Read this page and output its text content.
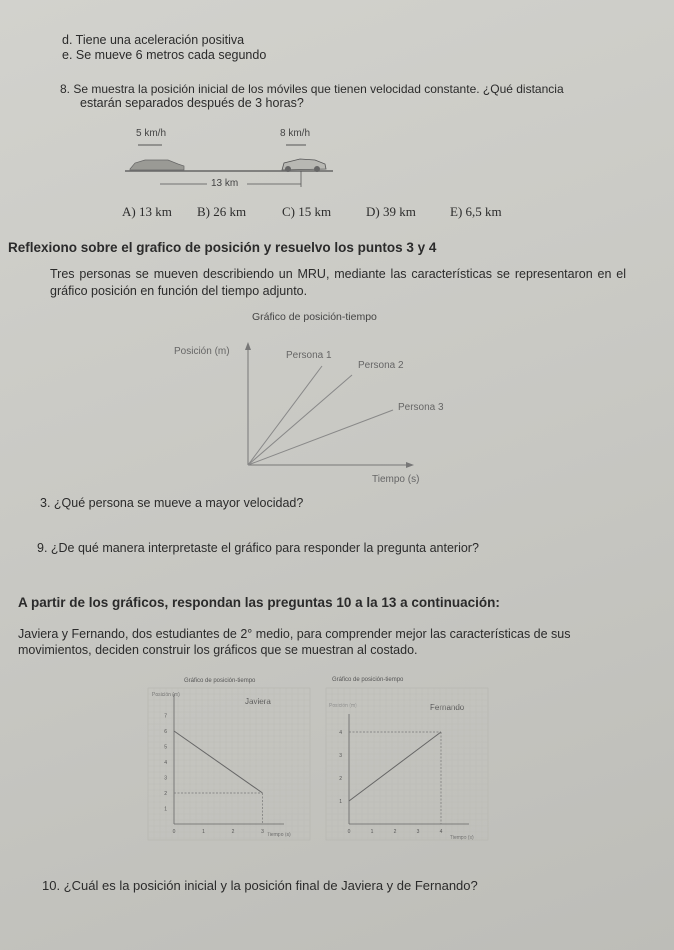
d. Tiene una aceleración positiva
e. Se mueve 6 metros cada segundo
8. Se muestra la posición inicial de los móviles que tienen velocidad constante. ¿Qué distancia
estarán separados después de 3 horas?
5 km/h	8 km/h
13 km
A) 13 km B) 26 km	C) 15 km	D) 39 km	E) 6,5 km
Reflexiono sobre el grafico de posición y resuelvo los puntos 3 y 4
Tres personas se mueven describiendo un MRU, mediante las características se representaron en el gráfico posición en función del tiempo adjunto.
Gráfico de posición-tiempo
Posición (m)	Persona 1
Persona 2
Persona 3
Tiempo (s)
3. ¿Qué persona se mueve a mayor velocidad?
9. ¿De qué manera interpretaste el gráfico para responder la pregunta anterior?
A partir de los gráficos, respondan las preguntas 10 a la 13 a continuación:
Javiera y Fernando, dos estudiantes de 2° medio, para comprender mejor las características de sus
movimientos, deciden construir los gráficos que se muestran al costado.
Gráfico de posición-tiempo
Posición (m)
Javiera
Tiempo (s)
Gráfico de posición-tiempo
Posición (m)	Fernando
Tiempo (s)
1
2
3
4
5
6
7
0	1	2	3
1
2
3
4
0	1	2	3	4
10. ¿Cuál es la posición inicial y la posición final de Javiera y de Fernando?
